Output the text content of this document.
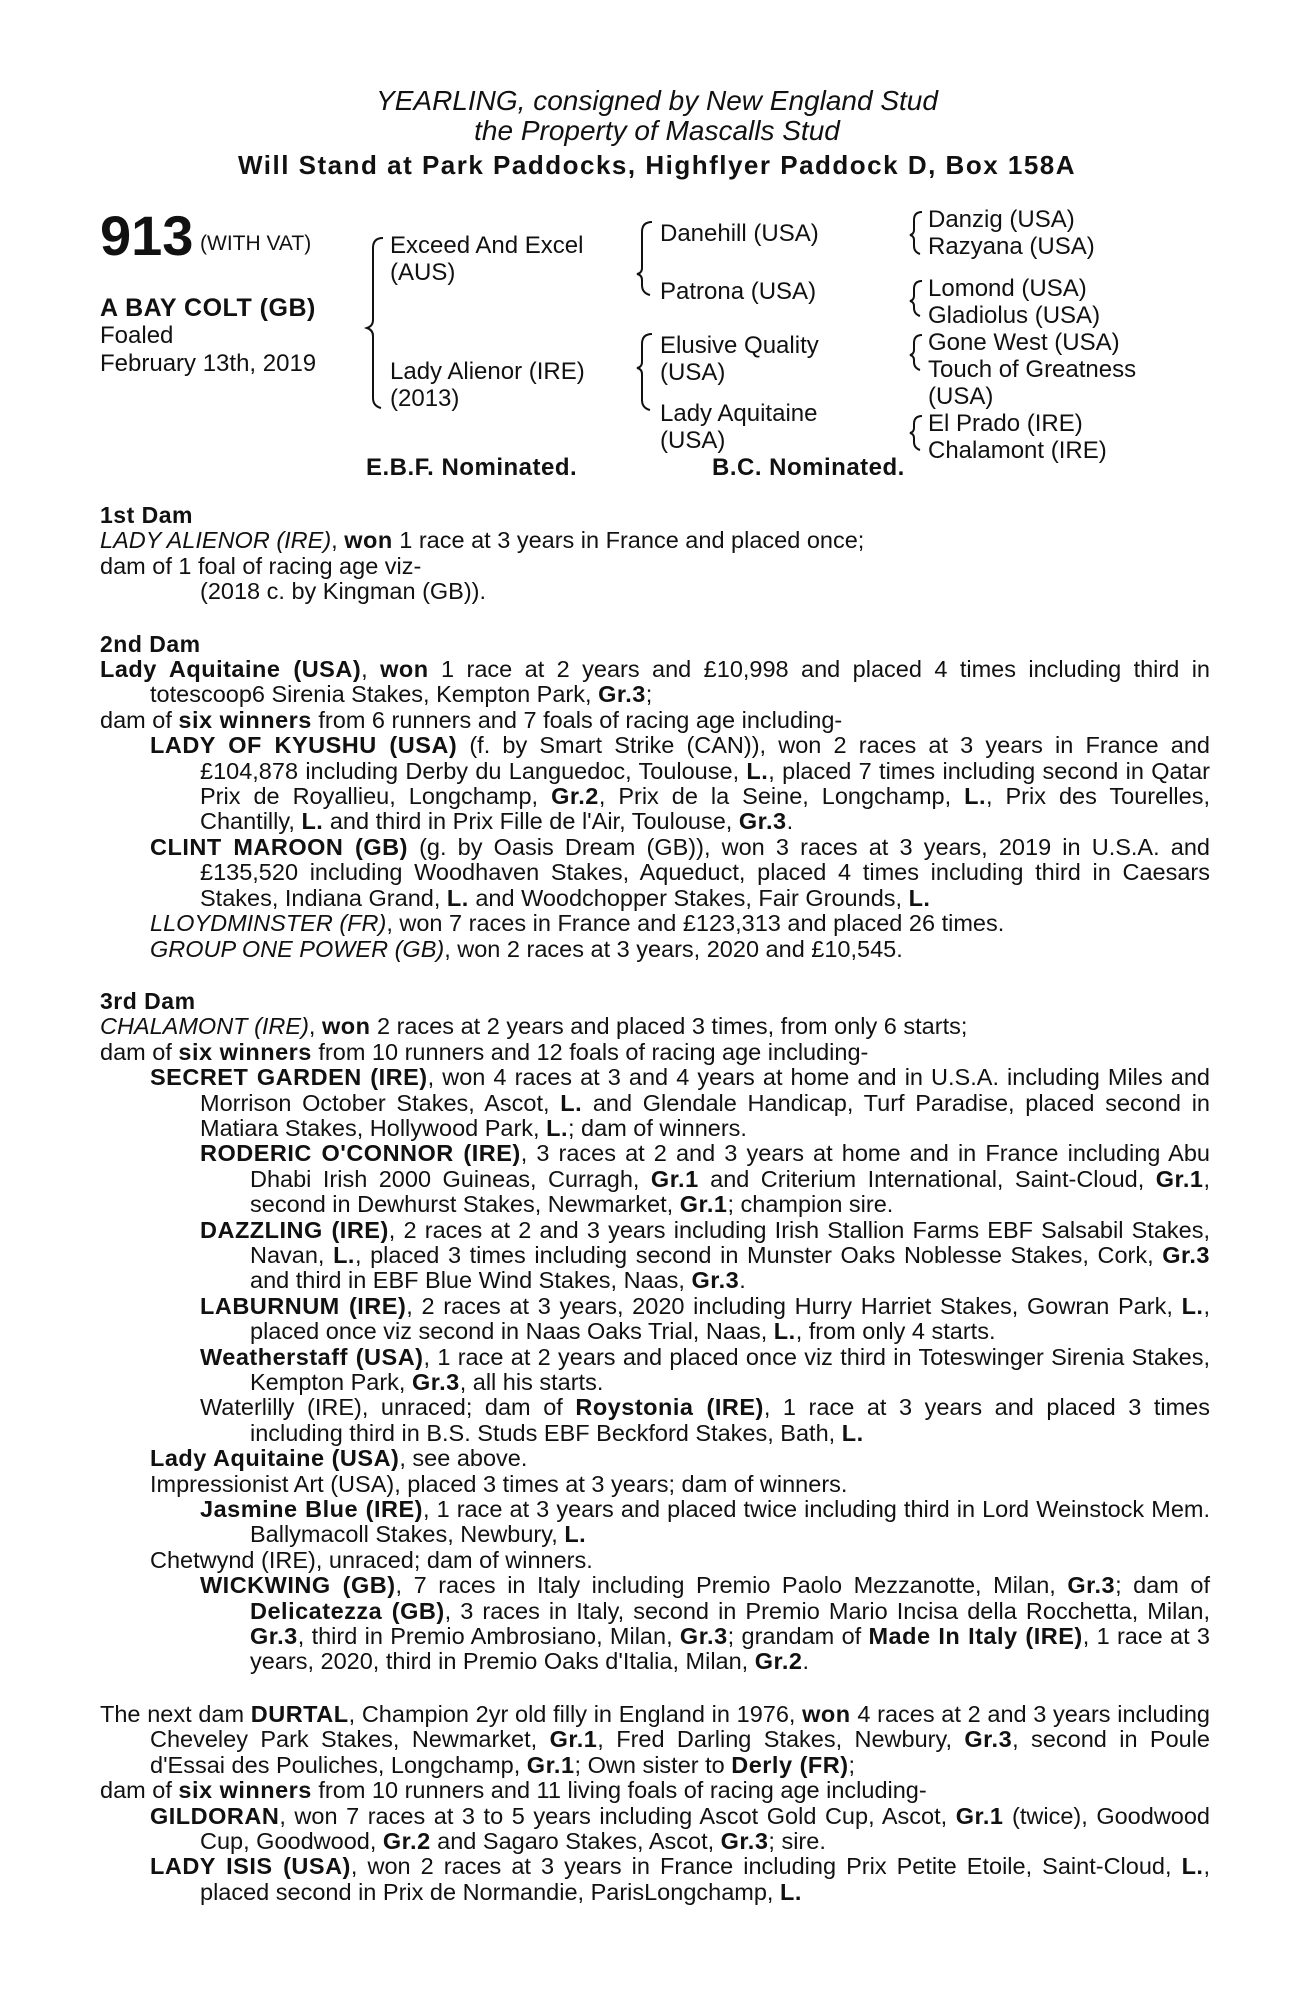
YEARLING, consigned by New England Stud
the Property of Mascalls Stud
Will Stand at Park Paddocks, Highflyer Paddock D, Box 158A
913 (WITH VAT)
A BAY COLT (GB)
Foaled
February 13th, 2019
Exceed And Excel
(AUS)
Lady Alienor (IRE)
(2013)
Danehill (USA)
Patrona (USA)
Elusive Quality
(USA)
Lady Aquitaine
(USA)
Danzig (USA)
Razyana (USA)
Lomond (USA)
Gladiolus (USA)
Gone West (USA)
Touch of Greatness
(USA)
El Prado (IRE)
Chalamont (IRE)
E.B.F. Nominated.	B.C. Nominated.
1st Dam
LADY ALIENOR (IRE), won 1 race at 3 years in France and placed once;
dam of 1 foal of racing age viz-
(2018 c. by Kingman (GB)).
2nd Dam
Lady Aquitaine (USA), won 1 race at 2 years and £10,998 and placed 4 times including third in totescoop6 Sirenia Stakes, Kempton Park, Gr.3;
dam of six winners from 6 runners and 7 foals of racing age including-
LADY OF KYUSHU (USA) (f. by Smart Strike (CAN)), won 2 races at 3 years in France and £104,878 including Derby du Languedoc, Toulouse, L., placed 7 times including second in Qatar Prix de Royallieu, Longchamp, Gr.2, Prix de la Seine, Longchamp, L., Prix des Tourelles, Chantilly, L. and third in Prix Fille de l'Air, Toulouse, Gr.3.
CLINT MAROON (GB) (g. by Oasis Dream (GB)), won 3 races at 3 years, 2019 in U.S.A. and £135,520 including Woodhaven Stakes, Aqueduct, placed 4 times including third in Caesars Stakes, Indiana Grand, L. and Woodchopper Stakes, Fair Grounds, L.
LLOYDMINSTER (FR), won 7 races in France and £123,313 and placed 26 times.
GROUP ONE POWER (GB), won 2 races at 3 years, 2020 and £10,545.
3rd Dam
CHALAMONT (IRE), won 2 races at 2 years and placed 3 times, from only 6 starts;
dam of six winners from 10 runners and 12 foals of racing age including-
SECRET GARDEN (IRE), won 4 races at 3 and 4 years at home and in U.S.A. including Miles and Morrison October Stakes, Ascot, L. and Glendale Handicap, Turf Paradise, placed second in Matiara Stakes, Hollywood Park, L.; dam of winners.
RODERIC O'CONNOR (IRE), 3 races at 2 and 3 years at home and in France including Abu Dhabi Irish 2000 Guineas, Curragh, Gr.1 and Criterium International, Saint-Cloud, Gr.1, second in Dewhurst Stakes, Newmarket, Gr.1; champion sire.
DAZZLING (IRE), 2 races at 2 and 3 years including Irish Stallion Farms EBF Salsabil Stakes, Navan, L., placed 3 times including second in Munster Oaks Noblesse Stakes, Cork, Gr.3 and third in EBF Blue Wind Stakes, Naas, Gr.3.
LABURNUM (IRE), 2 races at 3 years, 2020 including Hurry Harriet Stakes, Gowran Park, L., placed once viz second in Naas Oaks Trial, Naas, L., from only 4 starts.
Weatherstaff (USA), 1 race at 2 years and placed once viz third in Toteswinger Sirenia Stakes, Kempton Park, Gr.3, all his starts.
Waterlilly (IRE), unraced; dam of Roystonia (IRE), 1 race at 3 years and placed 3 times including third in B.S. Studs EBF Beckford Stakes, Bath, L.
Lady Aquitaine (USA), see above.
Impressionist Art (USA), placed 3 times at 3 years; dam of winners.
Jasmine Blue (IRE), 1 race at 3 years and placed twice including third in Lord Weinstock Mem. Ballymacoll Stakes, Newbury, L.
Chetwynd (IRE), unraced; dam of winners.
WICKWING (GB), 7 races in Italy including Premio Paolo Mezzanotte, Milan, Gr.3; dam of Delicatezza (GB), 3 races in Italy, second in Premio Mario Incisa della Rocchetta, Milan, Gr.3, third in Premio Ambrosiano, Milan, Gr.3; grandam of Made In Italy (IRE), 1 race at 3 years, 2020, third in Premio Oaks d'Italia, Milan, Gr.2.
The next dam DURTAL, Champion 2yr old filly in England in 1976, won 4 races at 2 and 3 years including Cheveley Park Stakes, Newmarket, Gr.1, Fred Darling Stakes, Newbury, Gr.3, second in Poule d'Essai des Pouliches, Longchamp, Gr.1; Own sister to Derly (FR);
dam of six winners from 10 runners and 11 living foals of racing age including-
GILDORAN, won 7 races at 3 to 5 years including Ascot Gold Cup, Ascot, Gr.1 (twice), Goodwood Cup, Goodwood, Gr.2 and Sagaro Stakes, Ascot, Gr.3; sire.
LADY ISIS (USA), won 2 races at 3 years in France including Prix Petite Etoile, Saint-Cloud, L., placed second in Prix de Normandie, ParisLongchamp, L.
